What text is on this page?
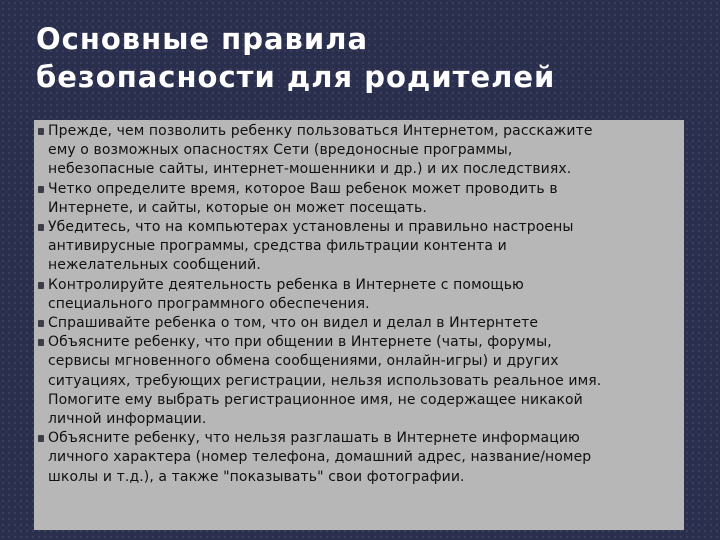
Основные правила
безопасности для родителей
Прежде, чем позволить ребенку пользоваться Интернетом, расскажите
ему о возможных опасностях Сети (вредоносные программы,
небезопасные сайты, интернет-мошенники и др.) и их последствиях.
Четко определите время, которое Ваш ребенок может проводить в
Интернете, и сайты, которые он может посещать.
Убедитесь, что на компьютерах установлены и правильно настроены
антивирусные программы, средства фильтрации контента и
нежелательных сообщений.
Контролируйте деятельность ребенка в Интернете с помощью
специального программного обеспечения.
Спрашивайте ребенка о том, что он видел и делал в Интернтете
Объясните ребенку, что при общении в Интернете (чаты, форумы,
сервисы мгновенного обмена сообщениями, онлайн-игры) и других
ситуациях, требующих регистрации, нельзя использовать реальное имя.
Помогите ему выбрать регистрационное имя, не содержащее никакой
личной информации.
Объясните ребенку, что нельзя разглашать в Интернете информацию
личного характера (номер телефона, домашний адрес, название/номер
школы и т.д.), а также "показывать" свои фотографии.
